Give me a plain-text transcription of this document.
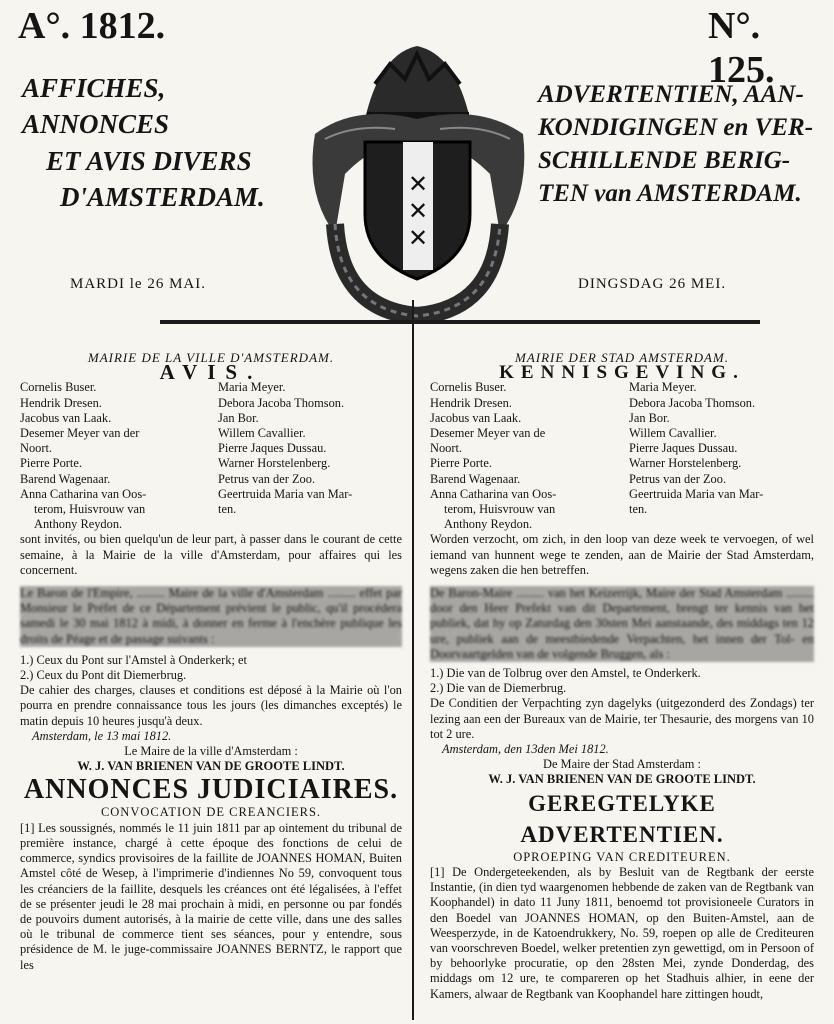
A°. 1812.	N°. 125.
AFFICHES, ANNONCES
ET AVIS DIVERS
D'AMSTERDAM.
ADVERTENTIEN, AAN-
KONDIGINGEN en VER-
SCHILLENDE BERIG-
TEN van AMSTERDAM.
✕
✕
✕
MARDI le 26 MAI.	DINGSDAG 26 MEI.

MAIRIE DE LA VILLE D'AMSTERDAM.

AVIS.

Cornelis Buser.	Maria Meyer.
Hendrik Dresen.	Debora Jacoba Thomson.
Jacobus van Laak.	Jan Bor.
Desemer Meyer van der	Willem Cavallier.
Noort.	Pierre Jaques Dussau.
Pierre Porte.	Warner Horstelenberg.
Barend Wagenaar.	Petrus van der Zoo.
Anna Catharina van Oos-	Geertruida Maria van Mar-
terom, Huisvrouw van	ten.
Anthony Reydon.

sont invités, ou bien quelqu'un de leur part, à passer dans le courant de cette semaine, à la Mairie de la ville d'Amsterdam, pour affaires qui les concernent.

Le Baron de l'Empire, ......... Maire de la ville d'Amsterdam ......... effet par Monsieur le Préfet de ce Département prévient le public, qu'il procédera samedi le 30 mai 1812 à midi, à donner en ferme à l'enchère publique les droits de Péage et de passage suivants :

1.) Ceux du Pont sur l'Amstel à Onderkerk; et

2.) Ceux du Pont dit Diemerbrug.

De cahier des charges, clauses et conditions est déposé à la Mairie où l'on pourra en prendre connaissance tous les jours (les dimanches exceptés) le matin depuis 10 heures jusqu'à deux.

Amsterdam, le 13 mai 1812.

Le Maire de la ville d'Amsterdam :

W. J. VAN BRIENEN VAN DE GROOTE LINDT.

ANNONCES JUDICIAIRES.

CONVOCATION DE CREANCIERS.

[1] Les soussignés, nommés le 11 juin 1811 par ap ointement du tribunal de première instance, chargé à cette époque des fonctions de celui de commerce, syndics provisoires de la faillite de JOANNES HOMAN, Buiten Amstel côté de Wesep, à l'imprimerie d'indiennes No 59, convoquent tous les créanciers de la faillite, desquels les créances ont été légalisées, à l'effet de se présenter jeudi le 28 mai prochain à midi, en personne ou par fondés de pouvoirs dument autorisés, à la mairie de cette ville, dans une des salles où le tribunal de commerce tient ses séances, pour y entendre, sous présidence de M. le juge-commissaire JOANNES BERNTZ, le rapport que les

MAIRIE DER STAD AMSTERDAM.

KENNISGEVING.

Cornelis Buser.	Maria Meyer.
Hendrik Dresen.	Debora Jacoba Thomson.
Jacobus van Laak.	Jan Bor.
Desemer Meyer van de	Willem Cavallier.
Noort.	Pierre Jaques Dussau.
Pierre Porte.	Warner Horstelenberg.
Barend Wagenaar.	Petrus van der Zoo.
Anna Catharina van Oos-	Geertruida Maria van Mar-
terom, Huisvrouw van	ten.
Anthony Reydon.

Worden verzocht, om zich, in den loop van deze week te vervoegen, of wel iemand van hunnent wege te zenden, aan de Mairie der Stad Amsterdam, wegens zaken die hen betreffen.

De Baron-Maire ......... van het Keizerrijk, Maire der Stad Amsterdam ......... door den Heer Prefekt van dit Departement, brengt ter kennis van het publiek, dat hy op Zaturdag den 30sten Mei aanstaande, des middags ten 12 ure, publiek aan de meestbiedende Verpachten, het innen der Tol- en Doorvaartgelden van de volgende Bruggen, als :

1.) Die van de Tolbrug over den Amstel, te Onderkerk.

2.) Die van de Diemerbrug.

De Conditien der Verpachting zyn dagelyks (uitgezonderd des Zondags) ter lezing aan een der Bureaux van de Mairie, ter Thesaurie, des morgens van 10 tot 2 ure.

Amsterdam, den 13den Mei 1812.

De Maire der Stad Amsterdam :

W. J. VAN BRIENEN VAN DE GROOTE LINDT.

GEREGTELYKE ADVERTENTIEN.

OPROEPING VAN CREDITEUREN.

[1] De Ondergeteekenden, als by Besluit van de Regtbank der eerste Instantie, (in dien tyd waargenomen hebbende de zaken van de Regtbank van Koophandel) in dato 11 Juny 1811, benoemd tot provisioneele Curators in den Boedel van JOANNES HOMAN, op den Buiten-Amstel, aan de Weesperzyde, in de Katoendrukkery, No. 59, roepen op alle de Crediteuren van voorschreven Boedel, welker pretentien zyn gewettigd, om in Persoon of by behoorlyke procuratie, op den 28sten Mei, zynde Donderdag, des middags om 12 ure, te compareren op het Stadhuis alhier, in eene der Kamers, alwaar de Regtbank van Koophandel hare zittingen houdt,
